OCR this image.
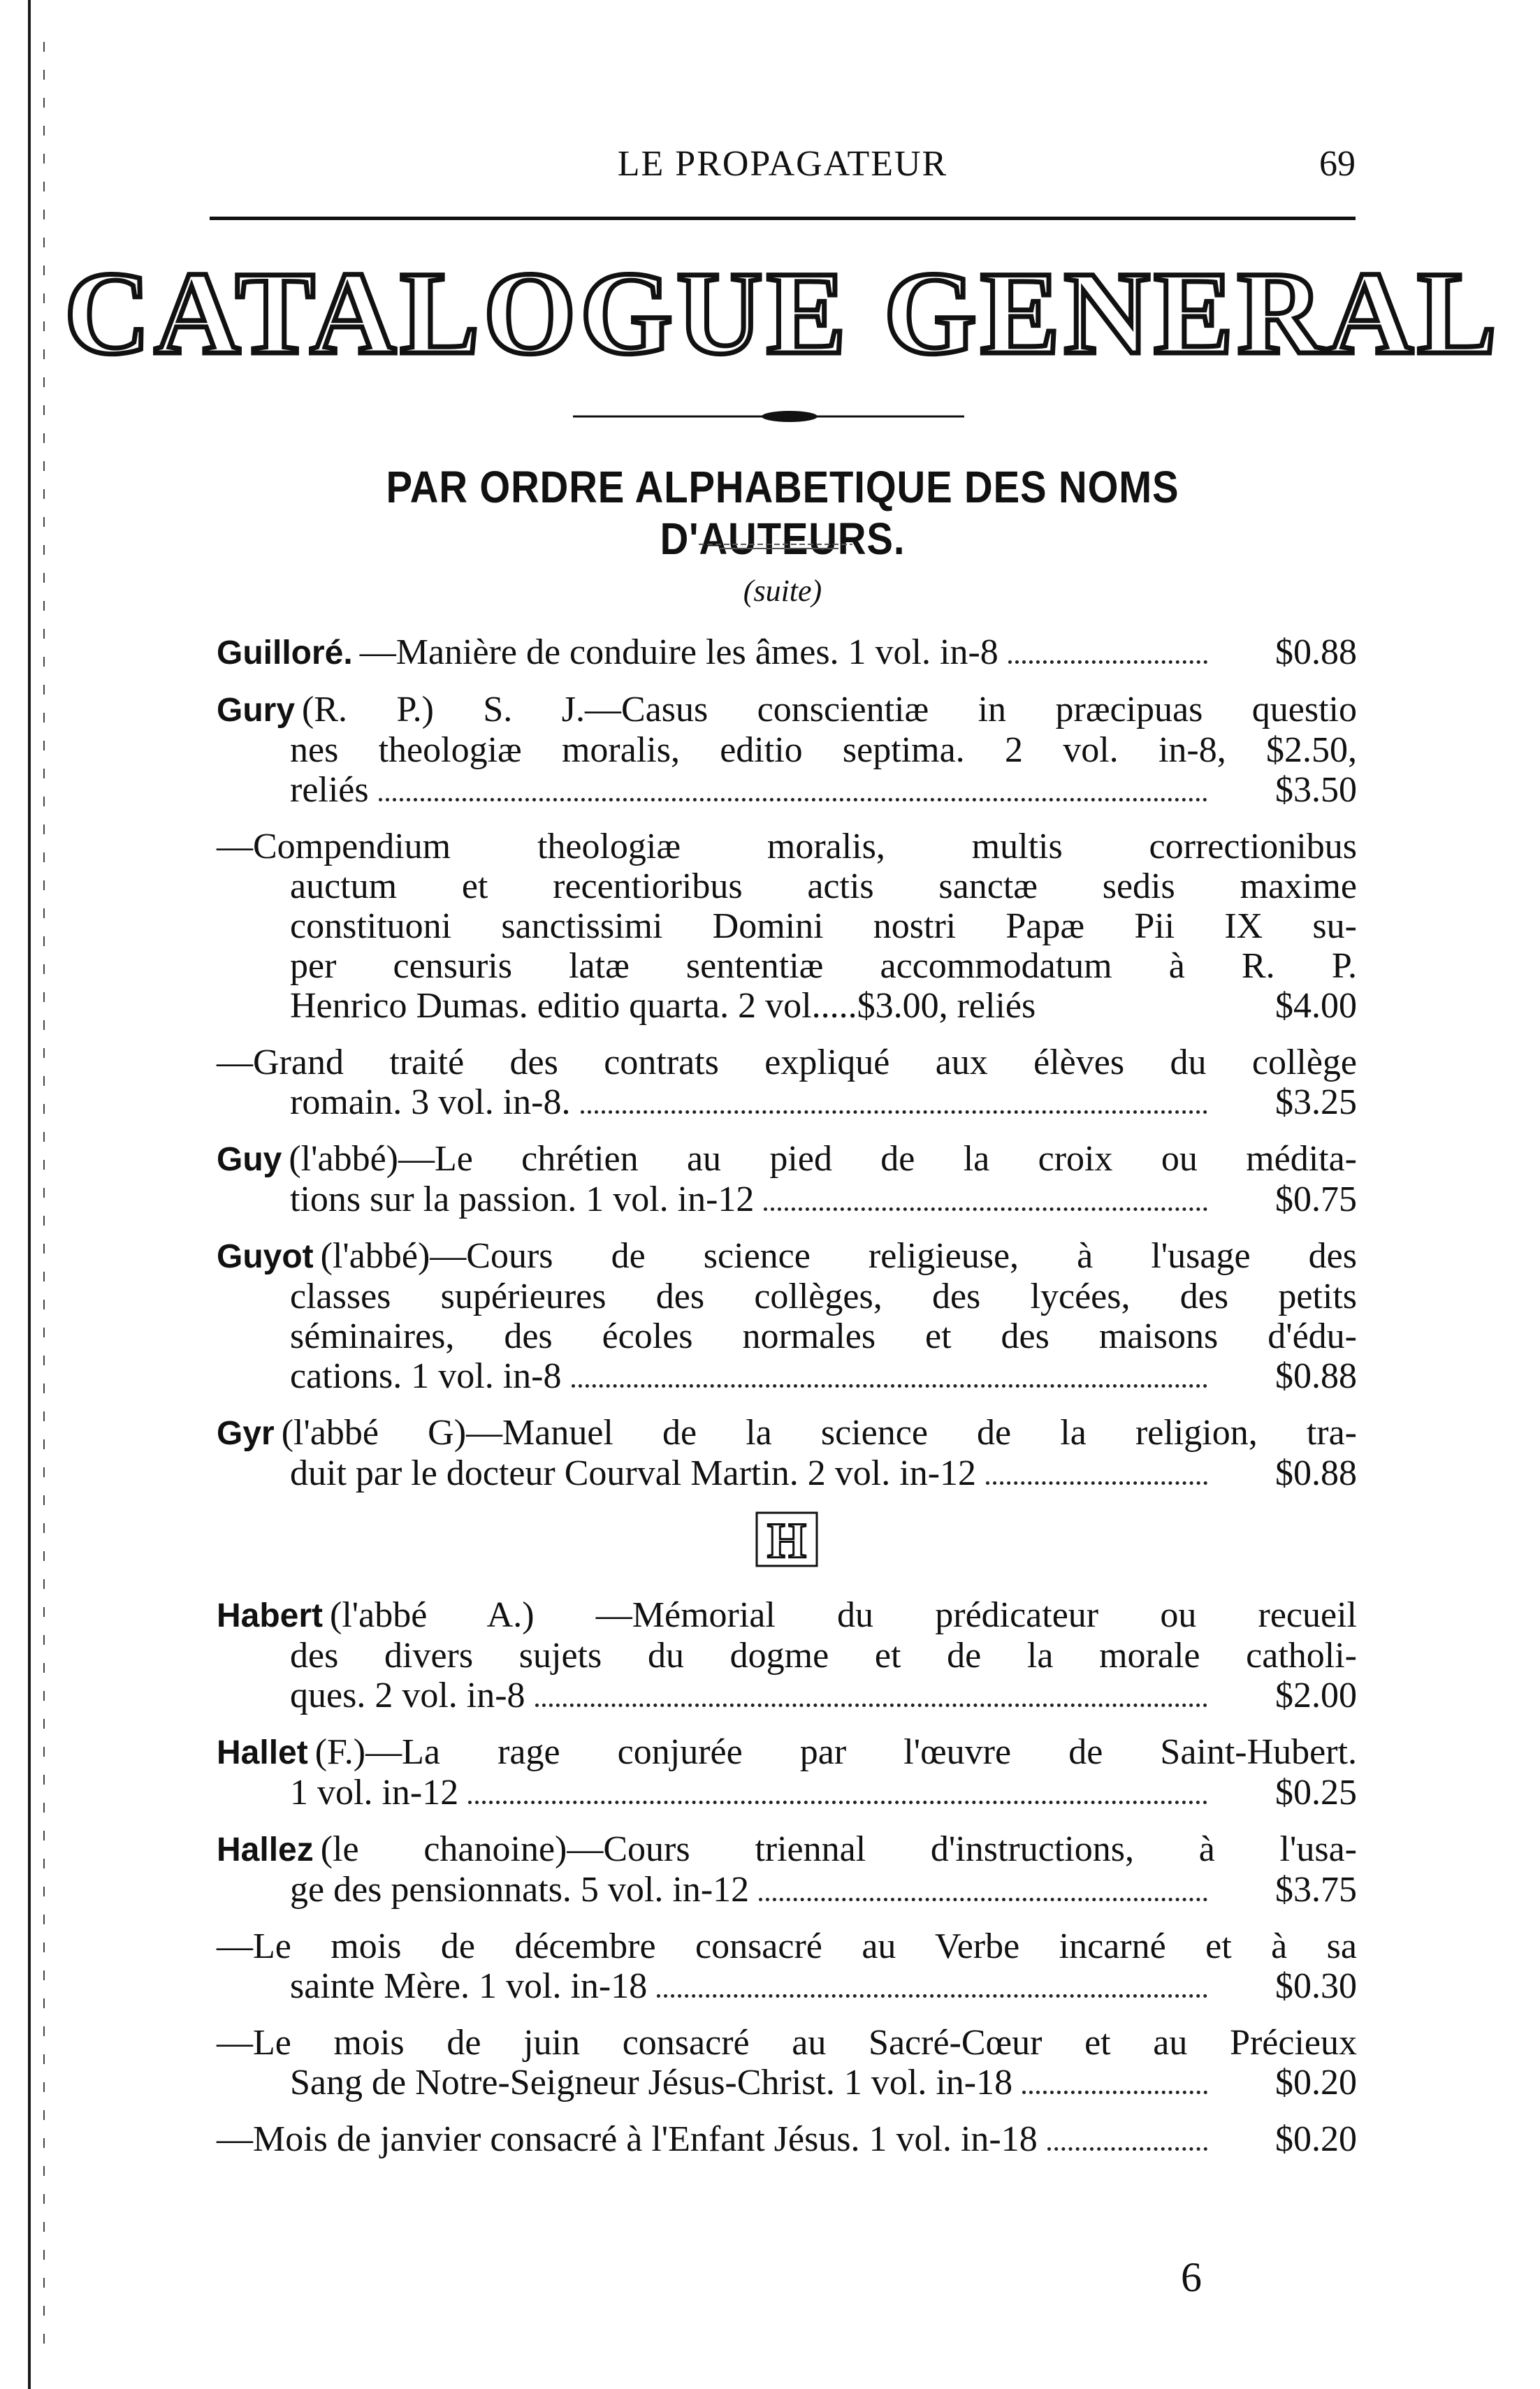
LE PROPAGATEUR	69
CATALOGUE GENERAL
PAR ORDRE ALPHABETIQUE DES NOMS D'AUTEURS.
(suite)
Guilloré. —Manière de conduire les âmes. 1 vol. in-8	$0.88
Gury (R. P.) S. J.—Casus conscientiæ in præcipuas questio
nes theologiæ moralis, editio septima. 2 vol. in-8, $2.50,
reliés	$3.50
—Compendium theologiæ moralis, multis correctionibus
auctum et recentioribus actis sanctæ sedis maxime
constituoni sanctissimi Domini nostri Papæ Pii IX su-
per censuris latæ sententiæ accommodatum à R. P.
Henrico Dumas. editio quarta. 2 vol.....$3.00, reliés	$4.00
—Grand traité des contrats expliqué aux élèves du collège
romain. 3 vol. in-8.	$3.25
Guy (l'abbé)—Le chrétien au pied de la croix ou médita-
tions sur la passion. 1 vol. in-12	$0.75
Guyot (l'abbé)—Cours de science religieuse, à l'usage des
classes supérieures des collèges, des lycées, des petits
séminaires, des écoles normales et des maisons d'édu-
cations. 1 vol. in-8	$0.88
Gyr (l'abbé G)—Manuel de la science de la religion, tra-
duit par le docteur Courval Martin. 2 vol. in-12	$0.88
H
Habert (l'abbé A.) —Mémorial du prédicateur ou recueil
des divers sujets du dogme et de la morale catholi-
ques. 2 vol. in-8	$2.00
Hallet (F.)—La rage conjurée par l'œuvre de Saint-Hubert.
1 vol. in-12	$0.25
Hallez (le chanoine)—Cours triennal d'instructions, à l'usa-
ge des pensionnats. 5 vol. in-12	$3.75
—Le mois de décembre consacré au Verbe incarné et à sa
sainte Mère. 1 vol. in-18	$0.30
—Le mois de juin consacré au Sacré-Cœur et au Précieux
Sang de Notre-Seigneur Jésus-Christ. 1 vol. in-18	$0.20
—Mois de janvier consacré à l'Enfant Jésus. 1 vol. in-18	$0.20
6
